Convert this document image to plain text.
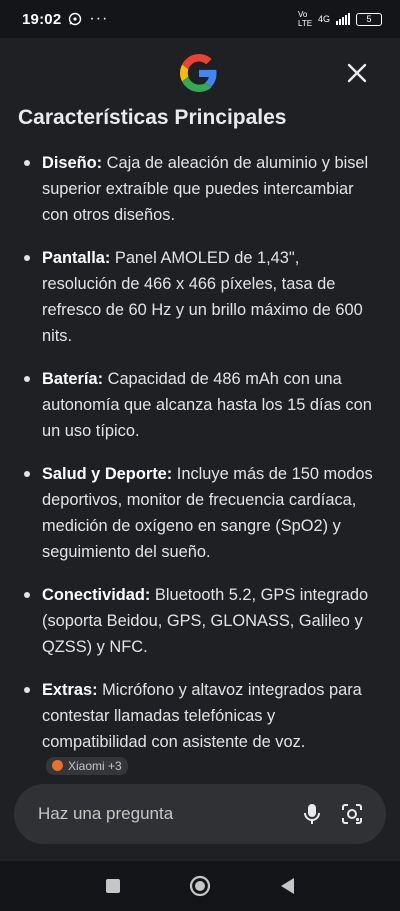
19:02 ···	Vo LTE 4G	5
Características Principales
Diseño: Caja de aleación de aluminio y bisel superior extraíble que puedes intercambiar con otros diseños.
Pantalla: Panel AMOLED de 1,43", resolución de 466 x 466 píxeles, tasa de refresco de 60 Hz y un brillo máximo de 600 nits.
Batería: Capacidad de 486 mAh con una autonomía que alcanza hasta los 15 días con un uso típico.
Salud y Deporte: Incluye más de 150 modos deportivos, monitor de frecuencia cardíaca, medición de oxígeno en sangre (SpO2) y seguimiento del sueño.
Conectividad: Bluetooth 5.2, GPS integrado (soporta Beidou, GPS, GLONASS, Galileo y QZSS) y NFC.
Extras: Micrófono y altavoz integrados para contestar llamadas telefónicas y compatibilidad con asistente de voz.
Xiaomi +3
Haz una pregunta
